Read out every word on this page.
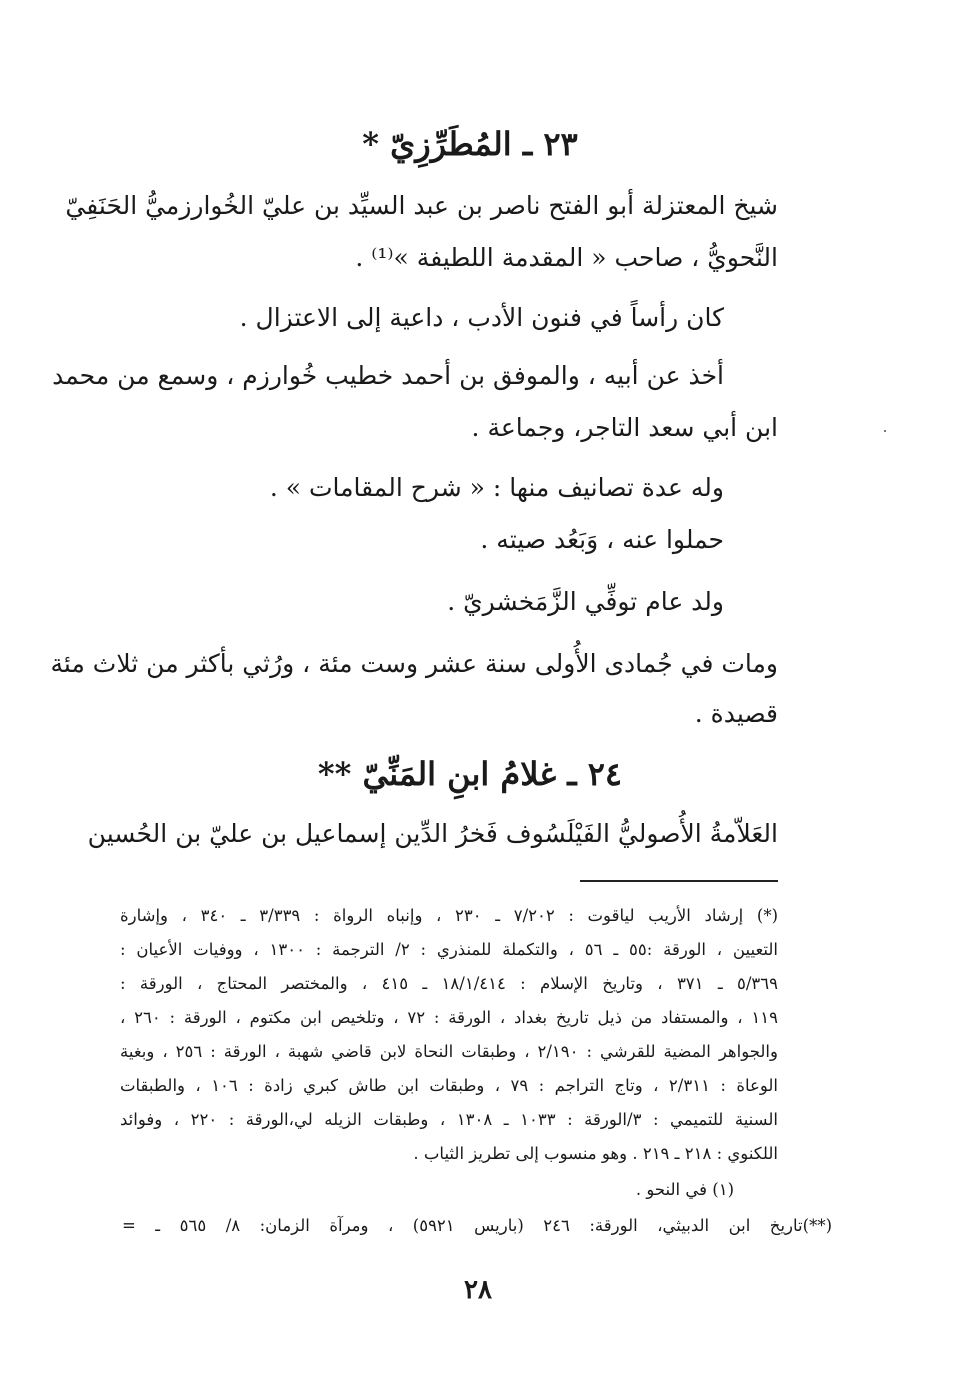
٢٣ ـ المُطَرِّزِيّ *
شيخ المعتزلة أبو الفتح ناصر بن عبد السيِّد بن عليّ الخُوارزميُّ الحَنَفِيّ
النَّحويُّ ، صاحب « المقدمة اللطيفة »⁽¹⁾ .
كان رأساً في فنون الأدب ، داعية إلى الاعتزال .
أخذ عن أبيه ، والموفق بن أحمد خطيب خُوارزم ، وسمع من محمد
ابن أبي سعد التاجر، وجماعة .
وله عدة تصانيف منها : « شرح المقامات » .
حملوا عنه ، وَبَعُد صيته .
ولد عام توفِّي الزَّمَخشريّ .
ومات في جُمادى الأُولى سنة عشر وست مئة ، ورُثي بأكثر من ثلاث مئة
قصيدة .
٢٤ ـ غلامُ ابنِ المَنِّيّ **
العَلاّمةُ الأُصوليُّ الفَيْلَسُوف فَخرُ الدِّين إسماعيل بن عليّ بن الحُسين
(*) إرشاد الأريب لياقوت : ٧/٢٠٢ ـ ٢٣٠ ، وإنباه الرواة : ٣/٣٣٩ ـ ٣٤٠ ، وإشارة
التعيين ، الورقة :٥٥ ـ ٥٦ ، والتكملة للمنذري : ٢/ الترجمة : ١٣٠٠ ، ووفيات الأعيان :
٥/٣٦٩ ـ ٣٧١ ، وتاريخ الإسلام : ١٨/١/٤١٤ ـ ٤١٥ ، والمختصر المحتاج ، الورقة :
١١٩ ، والمستفاد من ذيل تاريخ بغداد ، الورقة : ٧٢ ، وتلخيص ابن مكتوم ، الورقة : ٢٦٠ ،
والجواهر المضية للقرشي : ٢/١٩٠ ، وطبقات النحاة لابن قاضي شهبة ، الورقة : ٢٥٦ ، وبغية
الوعاة : ٢/٣١١ ، وتاج التراجم : ٧٩ ، وطبقات ابن طاش كبري زادة : ١٠٦ ، والطبقات
السنية للتميمي : ٣/الورقة : ١٠٣٣ ـ ١٣٠٨ ، وطبقات الزيله لي،الورقة : ٢٢٠ ، وفوائد
اللكنوي : ٢١٨ ـ ٢١٩ . وهو منسوب إلى تطريز الثياب .
(١) في النحو .
(**)تاريخ ابن الدبيثي، الورقة: ٢٤٦ (باريس ٥٩٢١) ، ومرآة الزمان: ٨/ ٥٦٥ ـ =
٢٨
